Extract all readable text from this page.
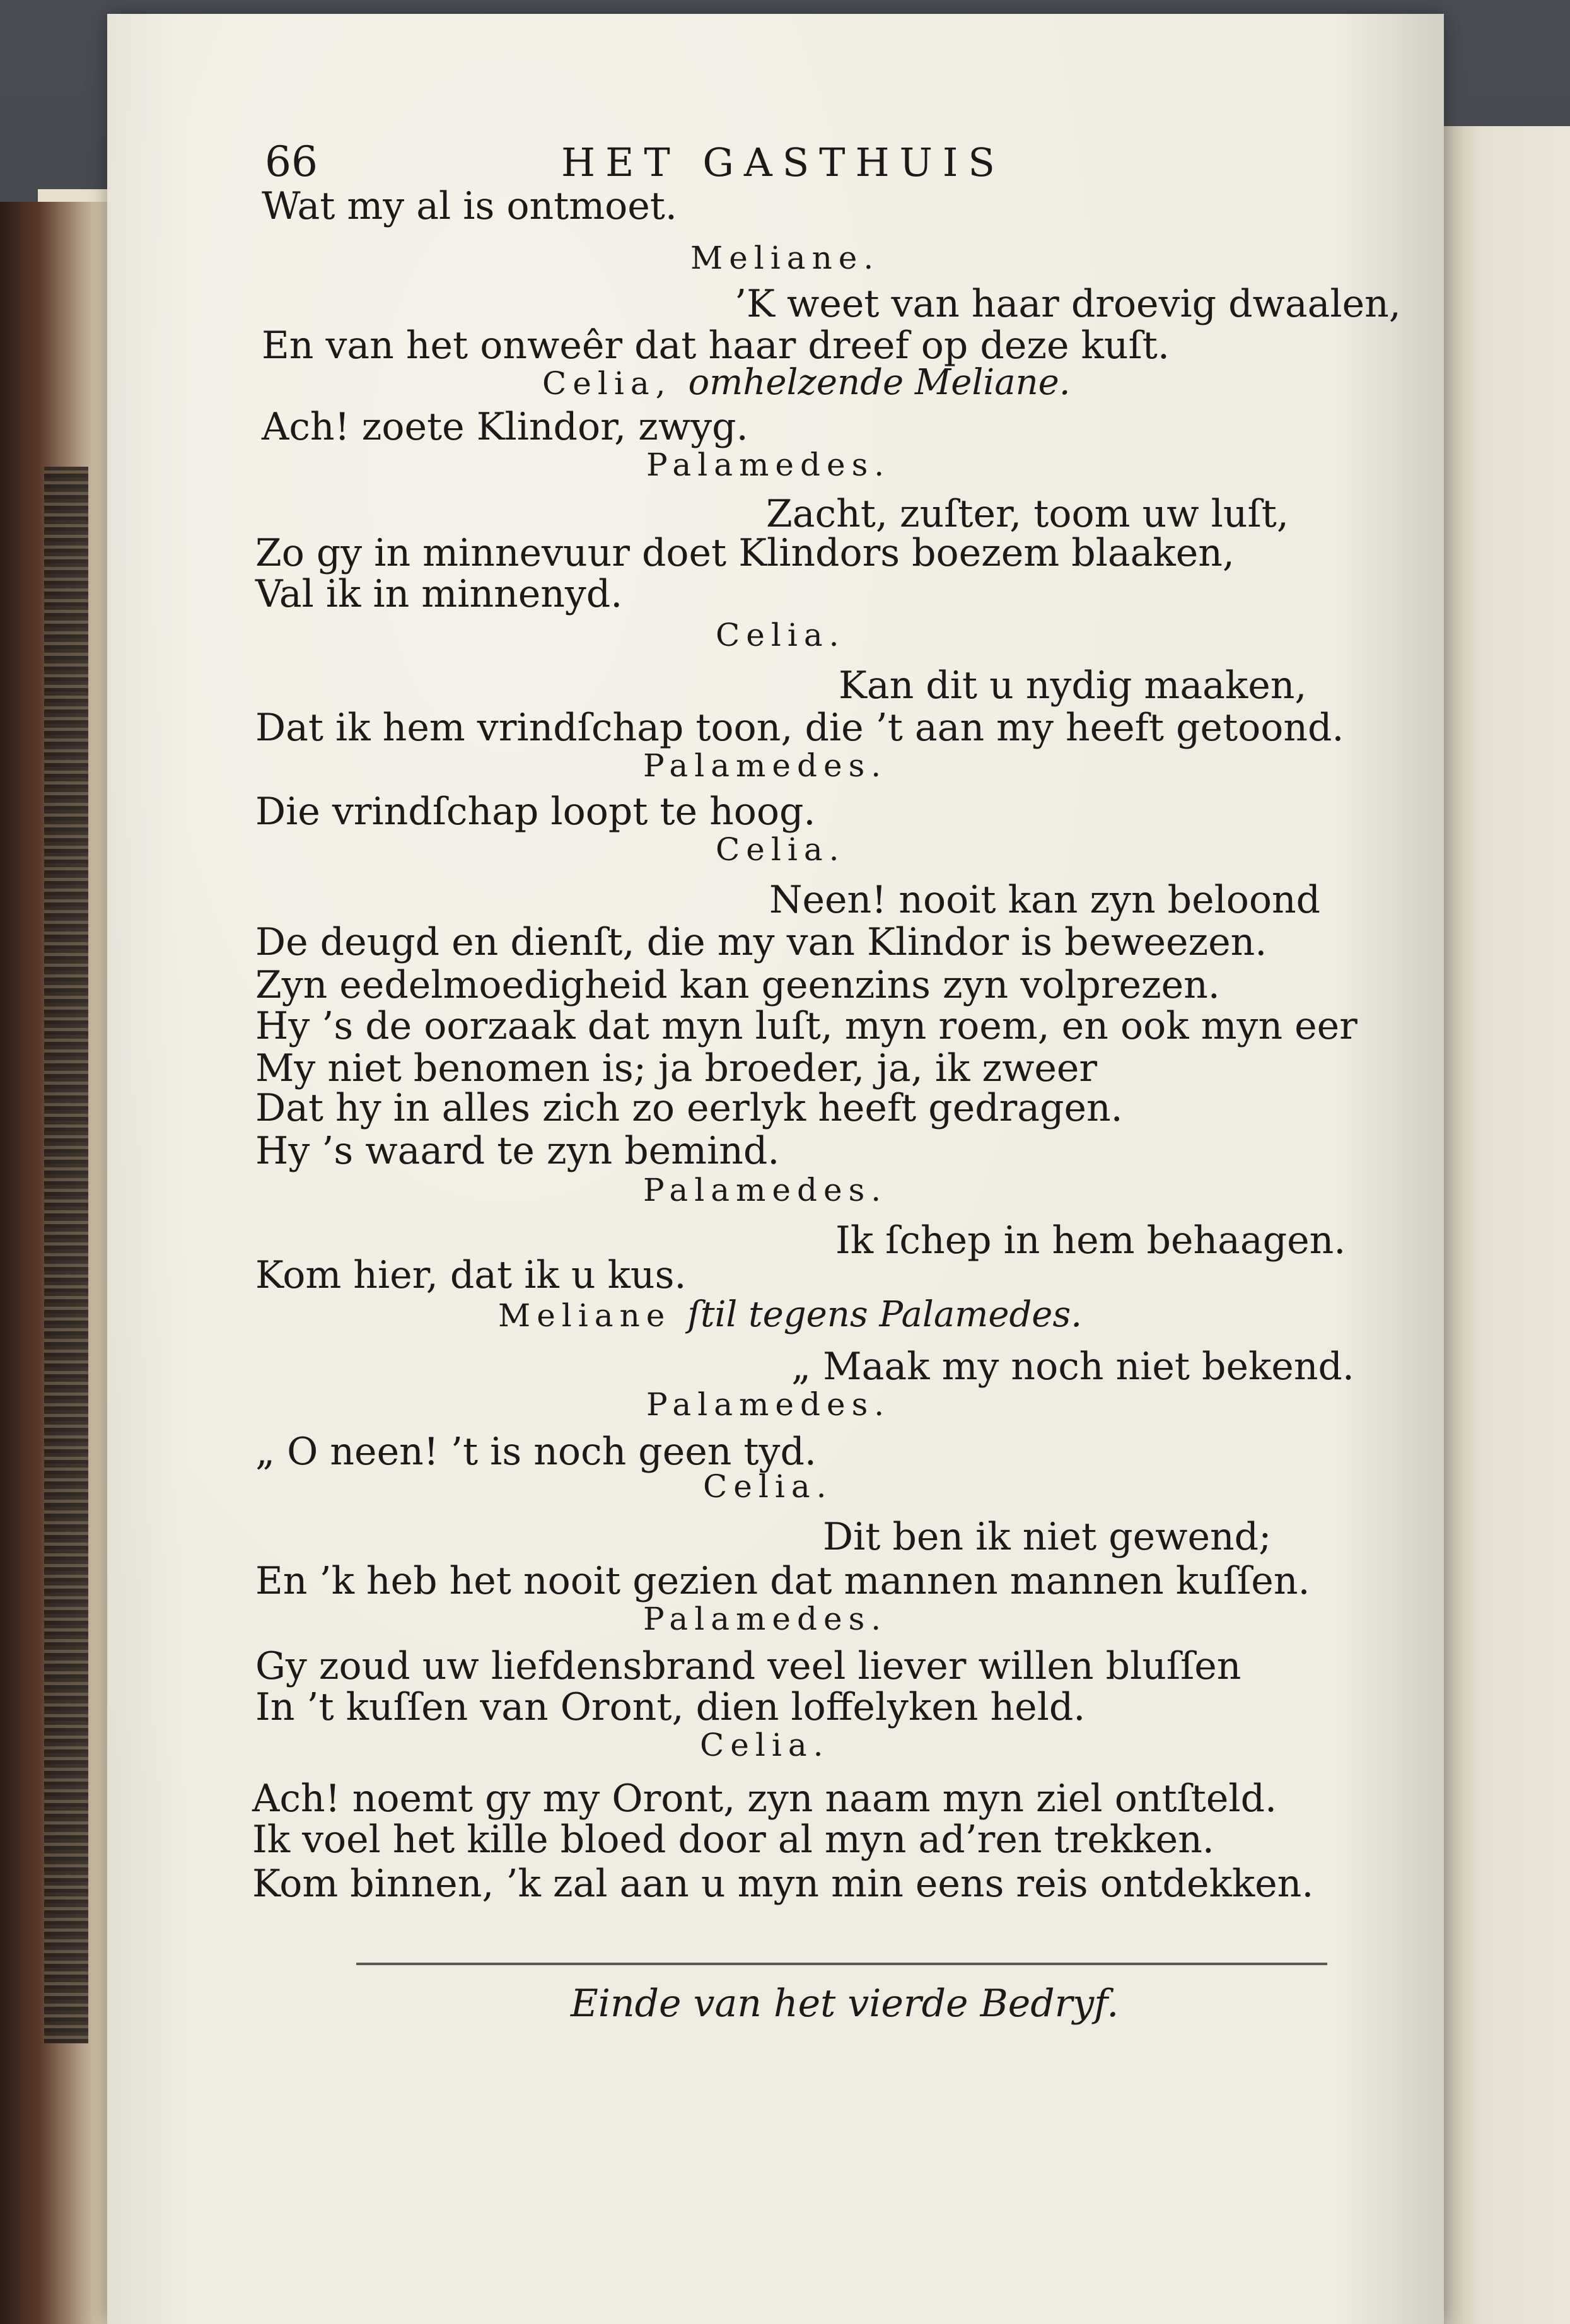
66	HET GASTHUIS
Wat my al is ontmoet.
Meliane.
’K weet van haar droevig dwaalen,
En van het onweêr dat haar dreef op deze kuſt.
Celia, omhelzende Meliane.
Ach! zoete Klindor, zwyg.
Palamedes.
Zacht, zuſter, toom uw luſt,
Zo gy in minnevuur doet Klindors boezem blaaken,
Val ik in minnenyd.
Celia.
Kan dit u nydig maaken,
Dat ik hem vrindſchap toon, die ’t aan my heeft getoond.
Palamedes.
Die vrindſchap loopt te hoog.
Celia.
Neen! nooit kan zyn beloond
De deugd en dienſt, die my van Klindor is beweezen.
Zyn eedelmoedigheid kan geenzins zyn volprezen.
Hy ’s de oorzaak dat myn luſt, myn roem, en ook myn eer
My niet benomen is; ja broeder, ja, ik zweer
Dat hy in alles zich zo eerlyk heeft gedragen.
Hy ’s waard te zyn bemind.
Palamedes.
Ik ſchep in hem behaagen.
Kom hier, dat ik u kus.
Meliane ſtil tegens Palamedes.
„ Maak my noch niet bekend.
Palamedes.
„ O neen! ’t is noch geen tyd.
Celia.
Dit ben ik niet gewend;
En ’k heb het nooit gezien dat mannen mannen kuſſen.
Palamedes.
Gy zoud uw liefdensbrand veel liever willen bluſſen
In ’t kuſſen van Oront, dien loffelyken held.
Celia.
Ach! noemt gy my Oront, zyn naam myn ziel ontſteld.
Ik voel het kille bloed door al myn ad’ren trekken.
Kom binnen, ’k zal aan u myn min eens reis ontdekken.
Einde van het vierde Bedryf.
